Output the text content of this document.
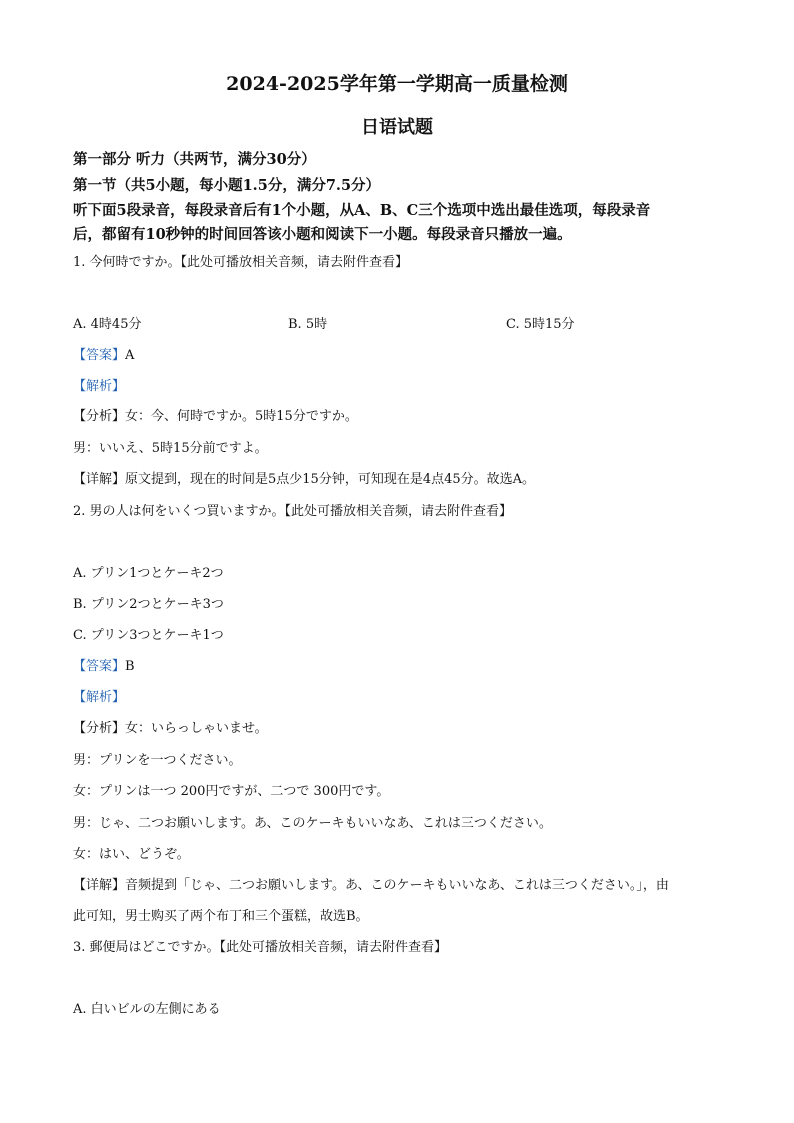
2024-2025学年第一学期高一质量检测
日语试题
第一部分 听力（共两节，满分30分）
第一节（共5小题，每小题1.5分，满分7.5分）
听下面5段录音，每段录音后有1个小题，从A、B、C三个选项中选出最佳选项，每段录音
后，都留有10秒钟的时间回答该小题和阅读下一小题。每段录音只播放一遍。
1. 今何時ですか。【此处可播放相关音频，请去附件查看】
A. 4時45分	B. 5時	C. 5時15分
【答案】A
【解析】
【分析】女：今、何時ですか。5時15分ですか。
男：いいえ、5時15分前ですよ。
【详解】原文提到，现在的时间是5点少15分钟，可知现在是4点45分。故选A。
2. 男の人は何をいくつ買いますか。【此处可播放相关音频，请去附件查看】
A. プリン1つとケーキ2つ
B. プリン2つとケーキ3つ
C. プリン3つとケーキ1つ
【答案】B
【解析】
【分析】女：いらっしゃいませ。
男：プリンを一つください。
女：プリンは一つ 200円ですが、二つで 300円です。
男：じゃ、二つお願いします。あ、このケーキもいいなあ、これは三つください。
女：はい、どうぞ。
【详解】音频提到「じゃ、二つお願いします。あ、このケーキもいいなあ、これは三つください。」，由
此可知，男士购买了两个布丁和三个蛋糕，故选B。
3. 郵便局はどこですか。【此处可播放相关音频，请去附件查看】
A. 白いビルの左側にある
